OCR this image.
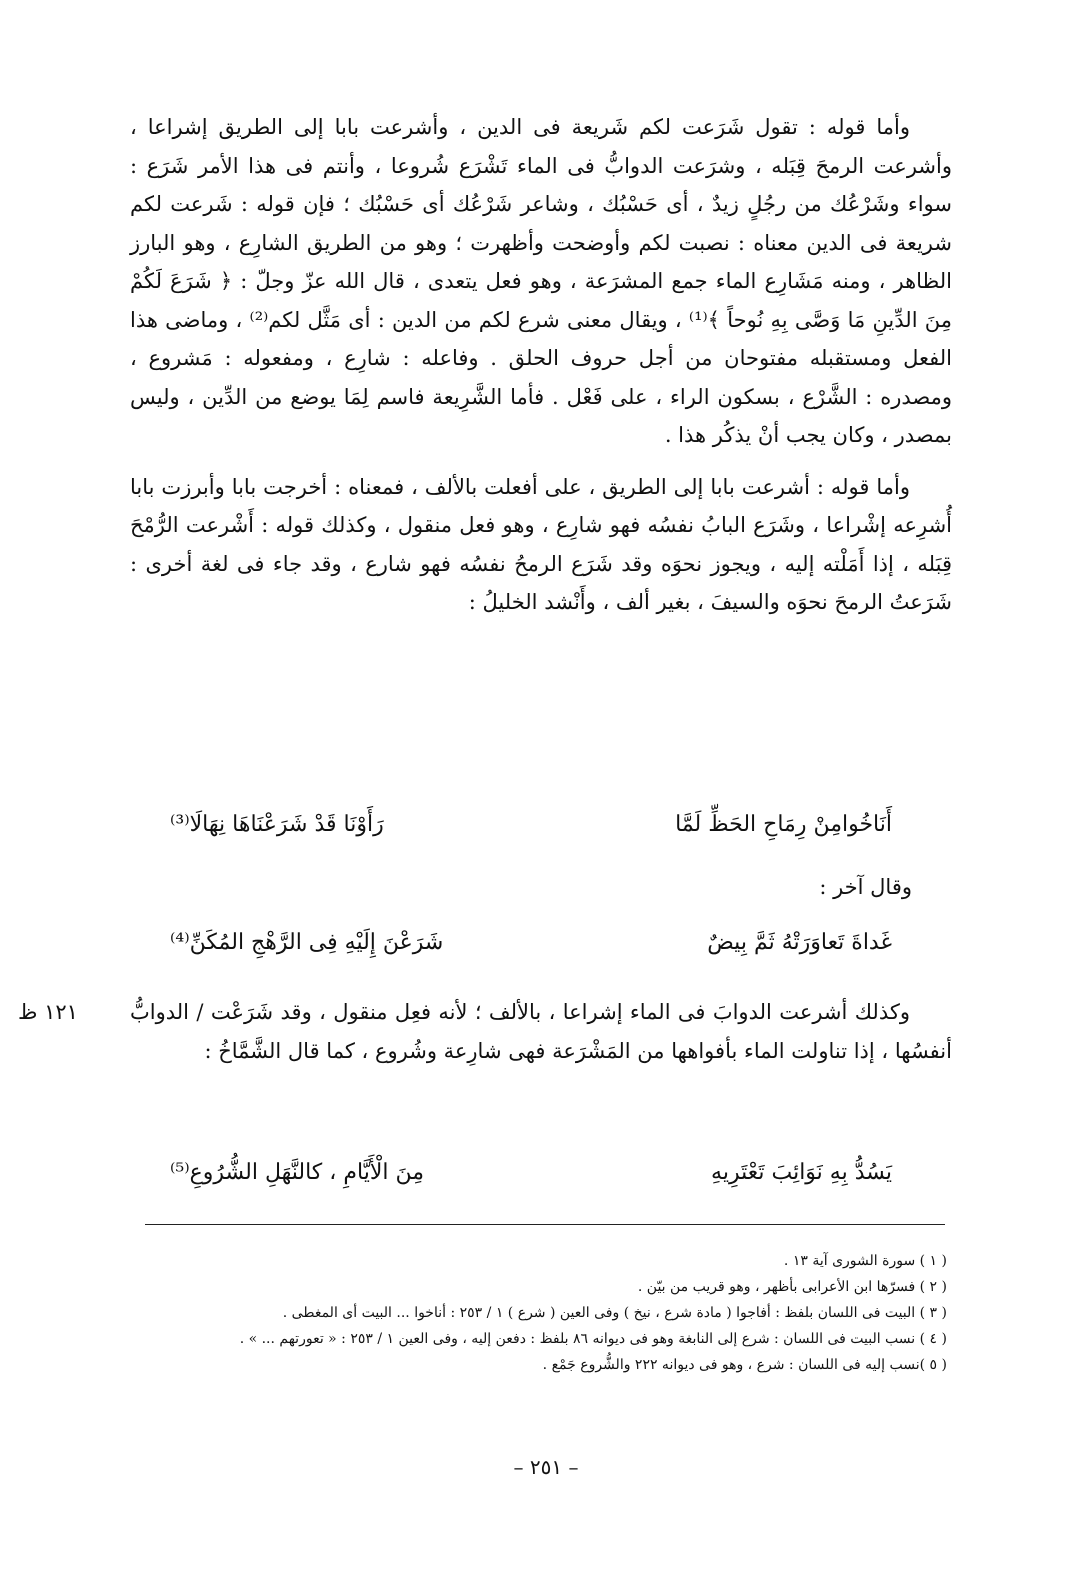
وأما قوله : تقول شَرَعت لكم شَريعة فى الدين ، وأشرعت بابا إلى الطريق إشراعا ، وأشرعت الرمحَ قِبَله ، وشرَعت الدوابُّ فى الماء تَشْرَع شُروعا ، وأنتم فى هذا الأمر شَرَع : سواء وشَرْعُك من رجُلٍ زيدٌ ، أى حَسْبُك ، وشاعر شَرْعُك أى حَسْبُك ؛ فإن قوله : شَرعت لكم شريعة فى الدين معناه : نصبت لكم وأوضحت وأظهرت ؛ وهو من الطريق الشارِع ، وهو البارز الظاهر ، ومنه مَشَارِع الماء جمع المشرَعة ، وهو فعل يتعدى ، قال الله عزّ وجلّ : ﴿ شَرَعَ لَكُمْ مِنَ الدِّينِ مَا وَصَّى بِهِ نُوحاً ﴾⁽¹⁾ ، ويقال معنى شرع لكم من الدين : أى مَثَّل لكم⁽²⁾ ، وماضى هذا الفعل ومستقبله مفتوحان من أجل حروف الحلق . وفاعله : شارِع ، ومفعوله : مَشروع ، ومصدره : الشَّرْع ، بسكون الراء ، على فَعْل . فأما الشَّرِيعة فاسم لِمَا يوضع من الدِّين ، وليس بمصدر ، وكان يجب أنْ يذكُر هذا .

وأما قوله : أشرعت بابا إلى الطريق ، على أفعلت بالألف ، فمعناه : أخرجت بابا وأبرزت بابا أُشرِعه إشْراعا ، وشَرَع البابُ نفسُه فهو شارِع ، وهو فعل منقول ، وكذلك قوله : أَشْرعت الرُّمْحَ قِبَله ، إذا أَمَلْته إليه ، ويجوز نحوَه وقد شَرَع الرمحُ نفسُه فهو شارع ، وقد جاء فى لغة أخرى : شَرَعتُ الرمحَ نحوَه والسيفَ ، بغير ألف ، وأَنْشد الخليلُ :

أَنَاخُوامِنْ رِمَاحِ الحَظِّ لَمَّا
رَأَوْنَا قَدْ شَرَعْنَاهَا نِهَالَا⁽³⁾
وقال آخر :
غَداةَ تَعاوَرَتْهُ ثَمَّ بِيضٌ
شَرَعْنَ إِلَيْهِ فِى الرَّهْجِ المُكَنِّ⁽⁴⁾

وكذلك أشرعت الدوابَ فى الماء إشراعا ، بالألف ؛ لأنه فعِل منقول ، وقد شَرَعْت / الدوابُّ أنفسُها ، إذا تناولت الماء بأفواهها من المَشْرَعة فهى شارِعة وشُروع ، كما قال الشَّمَّاخُ :

١٢١ ظ
يَسُدُّ بِهِ نَوَائِبَ تَعْتَرِيهِ
مِنَ الْأَيَّامِ ، كالنَّهَلِ الشُّرُوعِ⁽⁵⁾

( ١ ) سورة الشورى آية ١٣ .

( ٢ ) فسرّها ابن الأعرابى بأظهر ، وهو قريب من بيّن .

( ٣ ) البيت فى اللسان بلفظ : أفاجوا ( مادة شرع ، نيخ ) وفى العين ( شرع ) ١ / ٢٥٣ : أناخوا ... البيت أى المغطى .

( ٤ ) نسب البيت فى اللسان : شرع إلى النابغة وهو فى ديوانه ٨٦ بلفظ : دفعن إليه ، وفى العين ١ / ٢٥٣ : « تعورتهم ... » .

( ٥ )نسب إليه فى اللسان : شرع ، وهو فى ديوانه ٢٢٢ والشُّروع جَمْع .

– ٢٥١ –
